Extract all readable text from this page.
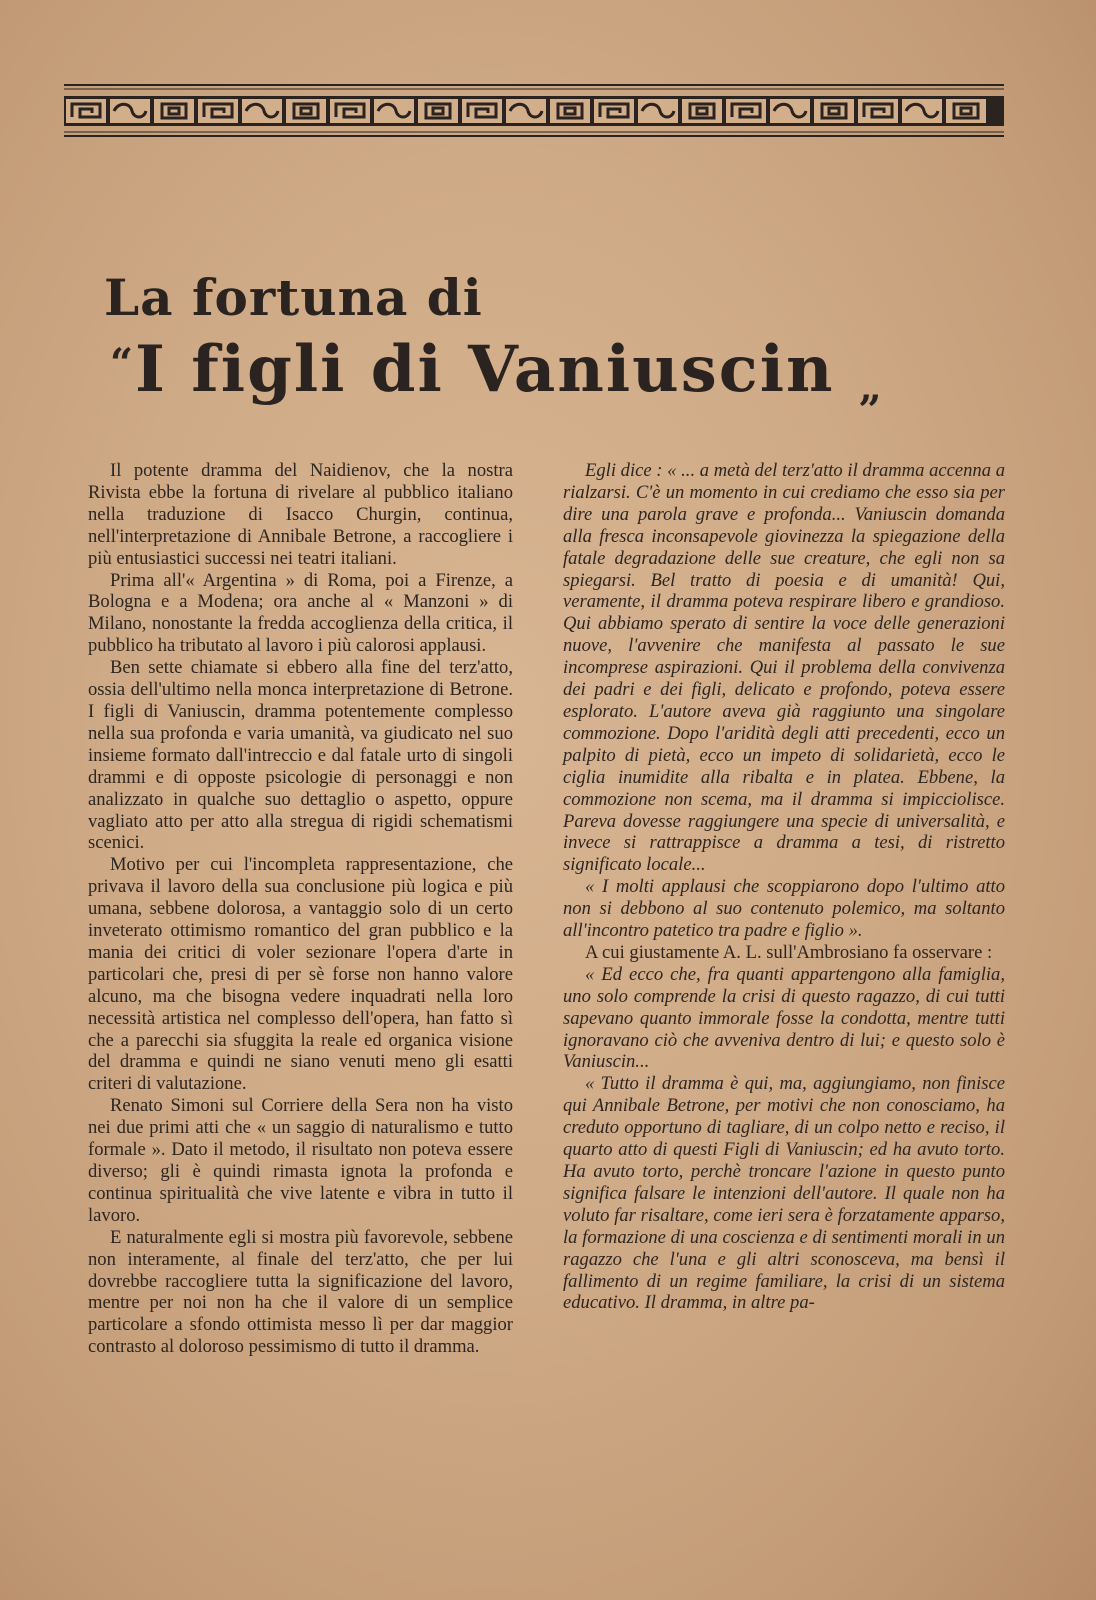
La fortuna di
“I figli di Vaniuscin „

Il potente dramma del Naidienov, che la nostra Rivista ebbe la fortuna di rivelare al pubblico italiano nella traduzione di Isacco Churgin, continua, nell'interpretazione di Annibale Betrone, a raccogliere i più entusiastici successi nei teatri italiani.

Prima all'« Argentina » di Roma, poi a Firenze, a Bologna e a Modena; ora anche al « Manzoni » di Milano, nonostante la fredda accoglienza della critica, il pubblico ha tributato al lavoro i più calorosi applausi.

Ben sette chiamate si ebbero alla fine del terz'atto, ossia dell'ultimo nella monca interpretazione di Betrone. I figli di Vaniuscin, dramma potentemente complesso nella sua profonda e varia umanità, va giudicato nel suo insieme formato dall'intreccio e dal fatale urto di singoli drammi e di opposte psicologie di personaggi e non analizzato in qualche suo dettaglio o aspetto, oppure vagliato atto per atto alla stregua di rigidi schematismi scenici.

Motivo per cui l'incompleta rappresentazione, che privava il lavoro della sua conclusione più logica e più umana, sebbene dolorosa, a vantaggio solo di un certo inveterato ottimismo romantico del gran pubblico e la mania dei critici di voler sezionare l'opera d'arte in particolari che, presi di per sè forse non hanno valore alcuno, ma che bisogna vedere inquadrati nella loro necessità artistica nel complesso dell'opera, han fatto sì che a parecchi sia sfuggita la reale ed organica visione del dramma e quindi ne siano venuti meno gli esatti criteri di valutazione.

Renato Simoni sul Corriere della Sera non ha visto nei due primi atti che « un saggio di naturalismo e tutto formale ». Dato il metodo, il risultato non poteva essere diverso; gli è quindi rimasta ignota la profonda e continua spiritualità che vive latente e vibra in tutto il lavoro.

E naturalmente egli si mostra più favorevole, sebbene non interamente, al finale del terz'atto, che per lui dovrebbe raccogliere tutta la significazione del lavoro, mentre per noi non ha che il valore di un semplice particolare a sfondo ottimista messo lì per dar maggior contrasto al doloroso pessimismo di tutto il dramma.

Egli dice : « ... a metà del terz'atto il dramma accenna a rialzarsi. C'è un momento in cui crediamo che esso sia per dire una parola grave e profonda... Vaniuscin domanda alla fresca inconsapevole giovinezza la spiegazione della fatale degradazione delle sue creature, che egli non sa spiegarsi. Bel tratto di poesia e di umanità! Qui, veramente, il dramma poteva respirare libero e grandioso. Qui abbiamo sperato di sentire la voce delle generazioni nuove, l'avvenire che manifesta al passato le sue incomprese aspirazioni. Qui il problema della convivenza dei padri e dei figli, delicato e profondo, poteva essere esplorato. L'autore aveva già raggiunto una singolare commozione. Dopo l'aridità degli atti precedenti, ecco un palpito di pietà, ecco un impeto di solidarietà, ecco le ciglia inumidite alla ribalta e in platea. Ebbene, la commozione non scema, ma il dramma si impicciolisce. Pareva dovesse raggiungere una specie di universalità, e invece si rattrappisce a dramma a tesi, di ristretto significato locale...

« I molti applausi che scoppiarono dopo l'ultimo atto non si debbono al suo contenuto polemico, ma soltanto all'incontro patetico tra padre e figlio ».

A cui giustamente A. L. sull'Ambrosiano fa osservare :

« Ed ecco che, fra quanti appartengono alla famiglia, uno solo comprende la crisi di questo ragazzo, di cui tutti sapevano quanto immorale fosse la condotta, mentre tutti ignoravano ciò che avveniva dentro di lui; e questo solo è Vaniuscin...

« Tutto il dramma è qui, ma, aggiungiamo, non finisce qui Annibale Betrone, per motivi che non conosciamo, ha creduto opportuno di tagliare, di un colpo netto e reciso, il quarto atto di questi Figli di Vaniuscin; ed ha avuto torto. Ha avuto torto, perchè troncare l'azione in questo punto significa falsare le intenzioni dell'autore. Il quale non ha voluto far risaltare, come ieri sera è forzatamente apparso, la formazione di una coscienza e di sentimenti morali in un ragazzo che l'una e gli altri sconosceva, ma bensì il fallimento di un regime familiare, la crisi di un sistema educativo. Il dramma, in altre pa-
